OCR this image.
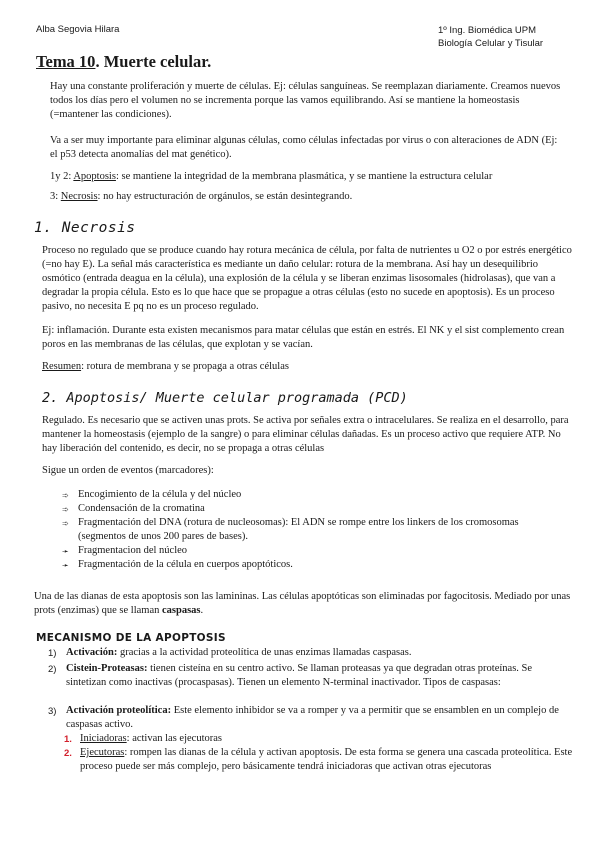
Alba Segovia Hilara	1º Ing. Biomédica UPM
Biología Celular y Tisular
Tema 10. Muerte celular.
Hay una constante proliferación y muerte de células. Ej: células sanguíneas. Se reemplazan diariamente. Creamos nuevos todos los días pero el volumen no se incrementa porque las vamos equilibrando. Así se mantiene la homeostasis (=mantener las condiciones).
Va a ser muy importante para eliminar algunas células, como células infectadas por virus o con alteraciones de ADN (Ej: el p53 detecta anomalías del mat genético).
1y 2: Apoptosis: se mantiene la integridad de la membrana plasmática, y se mantiene la estructura celular
3: Necrosis: no hay estructuración de orgánulos, se están desintegrando.
1. Necrosis
Proceso no regulado que se produce cuando hay rotura mecánica de célula, por falta de nutrientes u O2 o por estrés energético (=no hay E). La señal más característica es mediante un daño celular: rotura de la membrana. Así hay un desequilibrio osmótico (entrada deagua en la célula), una explosión de la célula y se liberan enzimas lisosomales (hidrolasas), que van a degradar la propia célula. Esto es lo que hace que se propague a otras células (esto no sucede en apoptosis). Es un proceso pasivo, no necesita E pq no es un proceso regulado.
Ej: inflamación. Durante esta existen mecanismos para matar células que están en estrés. El NK y el sist complemento crean poros en las membranas de las células, que explotan y se vacían.
Resumen: rotura de membrana y se propaga a otras células
2. Apoptosis/ Muerte celular programada (PCD)
Regulado. Es necesario que se activen unas prots. Se activa por señales extra o intracelulares. Se realiza en el desarrollo, para mantener la homeostasis (ejemplo de la sangre) o para eliminar células dañadas. Es un proceso activo que requiere ATP. No hay liberación del contenido, es decir, no se propaga a otras células
Sigue un orden de eventos (marcadores):
➾ Encogimiento de la célula y del núcleo
➾ Condensación de la cromatina
➾ Fragmentación del DNA (rotura de nucleosomas): El ADN se rompe entre los linkers de los cromosomas (segmentos de unos 200 pares de bases).
➛ Fragmentacion del núcleo
➛ Fragmentación de la célula en cuerpos apoptóticos.
Una de las dianas de esta apoptosis son las lamininas. Las células apoptóticas son eliminadas por fagocitosis. Mediado por unas prots (enzimas) que se llaman caspasas.
MECANISMO DE LA APOPTOSIS
1) Activación: gracias a la actividad proteolítica de unas enzimas llamadas caspasas.
2) Cistein-Proteasas: tienen cisteína en su centro activo. Se llaman proteasas ya que degradan otras proteínas. Se sintetizan como inactivas (procaspasas). Tienen un elemento N-terminal inactivador. Tipos de caspasas:
3) Activación proteolítica: Este elemento inhibidor se va a romper y va a permitir que se ensamblen en un complejo de caspasas activo.
1. Iniciadoras: activan las ejecutoras
2. Ejecutoras: rompen las dianas de la célula y activan apoptosis. De esta forma se genera una cascada proteolítica. Este proceso puede ser más complejo, pero básicamente tendrá iniciadoras que activan otras ejecutoras
